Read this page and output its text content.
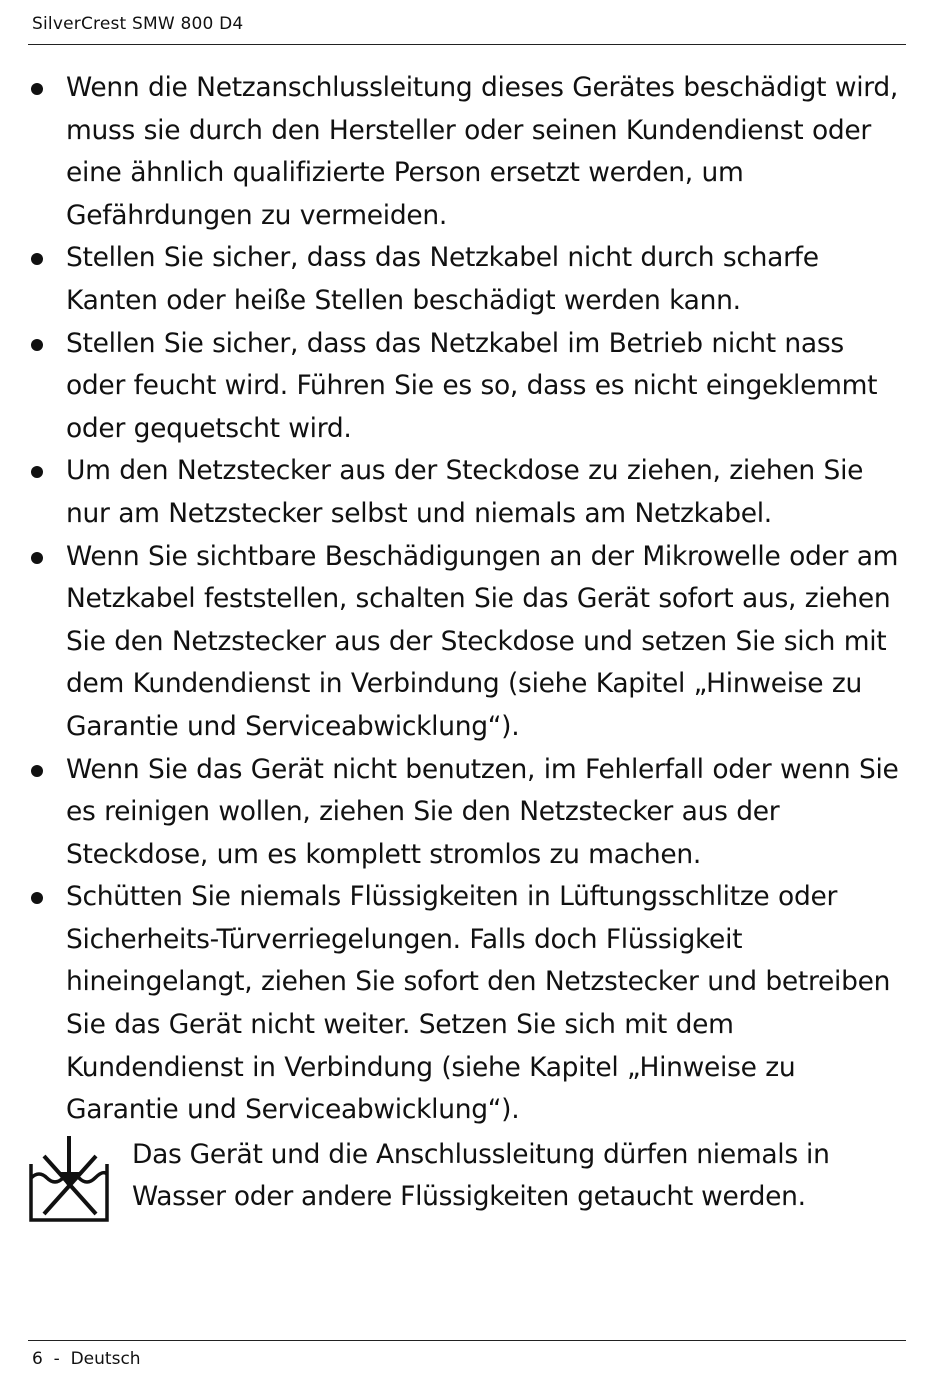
SilverCrest SMW 800 D4
Wenn die Netzanschlussleitung dieses Gerätes beschädigt wird, muss sie durch den Hersteller oder seinen Kundendienst oder eine ähnlich qualifizierte Person ersetzt werden, um Gefährdungen zu vermeiden.
Stellen Sie sicher, dass das Netzkabel nicht durch scharfe Kanten oder heiße Stellen beschädigt werden kann.
Stellen Sie sicher, dass das Netzkabel im Betrieb nicht nass oder feucht wird. Führen Sie es so, dass es nicht eingeklemmt oder gequetscht wird.
Um den Netzstecker aus der Steckdose zu ziehen, ziehen Sie nur am Netzstecker selbst und niemals am Netzkabel.
Wenn Sie sichtbare Beschädigungen an der Mikrowelle oder am Netzkabel feststellen, schalten Sie das Gerät sofort aus, ziehen Sie den Netzstecker aus der Steckdose und setzen Sie sich mit dem Kundendienst in Verbindung (siehe Kapitel „Hinweise zu Garantie und Serviceabwicklung“).
Wenn Sie das Gerät nicht benutzen, im Fehlerfall oder wenn Sie es reinigen wollen, ziehen Sie den Netzstecker aus der Steckdose, um es komplett stromlos zu machen.
Schütten Sie niemals Flüssigkeiten in Lüftungsschlitze oder Sicherheits-Türverriegelungen. Falls doch Flüssigkeit hineingelangt, ziehen Sie sofort den Netzstecker und betreiben Sie das Gerät nicht weiter. Setzen Sie sich mit dem Kundendienst in Verbindung (siehe Kapitel „Hinweise zu Garantie und Serviceabwicklung“).
Das Gerät und die Anschlussleitung dürfen niemals in Wasser oder andere Flüssigkeiten getaucht werden.
6 - Deutsch
